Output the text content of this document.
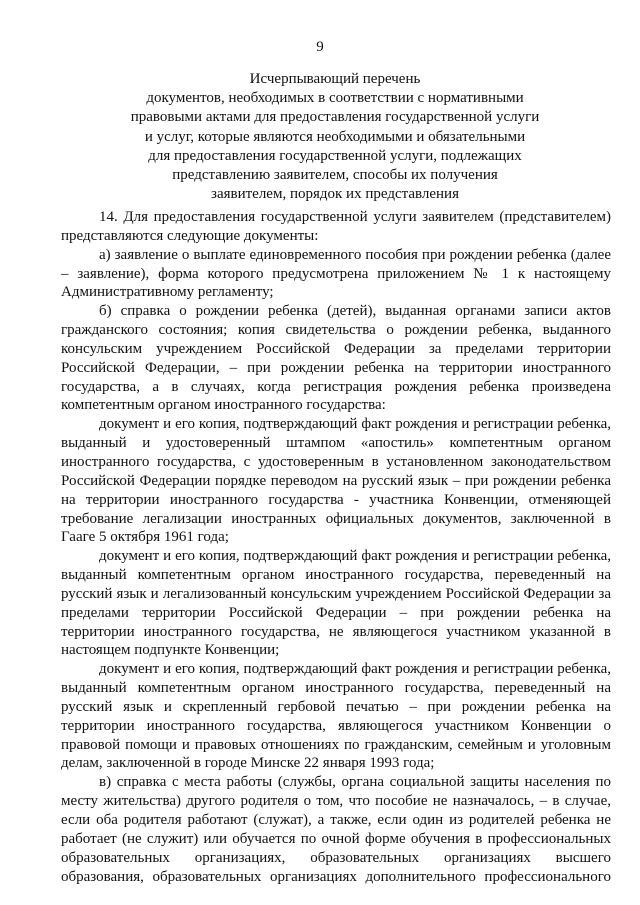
9
Исчерпывающий перечень
документов, необходимых в соответствии с нормативными
правовыми актами для предоставления государственной услуги
и услуг, которые являются необходимыми и обязательными
для предоставления государственной услуги, подлежащих
представлению заявителем, способы их получения
заявителем, порядок их представления

14. Для предоставления государственной услуги заявителем (представителем) представляются следующие документы:

а) заявление о выплате единовременного пособия при рождении ребенка (далее – заявление), форма которого предусмотрена приложением № 1 к настоящему Административному регламенту;

б) справка о рождении ребенка (детей), выданная органами записи актов гражданского состояния; копия свидетельства о рождении ребенка, выданного консульским учреждением Российской Федерации за пределами территории Российской Федерации, – при рождении ребенка на территории иностранного государства, а в случаях, когда регистрация рождения ребенка произведена компетентным органом иностранного государства:

документ и его копия, подтверждающий факт рождения и регистрации ребенка, выданный и удостоверенный штампом «апостиль» компетентным органом иностранного государства, с удостоверенным в установленном законодательством Российской Федерации порядке переводом на русский язык – при рождении ребенка на территории иностранного государства - участника Конвенции, отменяющей требование легализации иностранных официальных документов, заключенной в Гааге 5 октября 1961 года;

документ и его копия, подтверждающий факт рождения и регистрации ребенка, выданный компетентным органом иностранного государства, переведенный на русский язык и легализованный консульским учреждением Российской Федерации за пределами территории Российской Федерации – при рождении ребенка на территории иностранного государства, не являющегося участником указанной в настоящем подпункте Конвенции;

документ и его копия, подтверждающий факт рождения и регистрации ребенка, выданный компетентным органом иностранного государства, переведенный на русский язык и скрепленный гербовой печатью – при рождении ребенка на территории иностранного государства, являющегося участником Конвенции о правовой помощи и правовых отношениях по гражданским, семейным и уголовным делам, заключенной в городе Минске 22 января 1993 года;

в) справка с места работы (службы, органа социальной защиты населения по месту жительства) другого родителя о том, что пособие не назначалось, – в случае, если оба родителя работают (служат), а также, если один из родителей ребенка не работает (не служит) или обучается по очной форме обучения в профессиональных образовательных организациях, образовательных организациях высшего образования, образовательных организациях дополнительного профессионального
